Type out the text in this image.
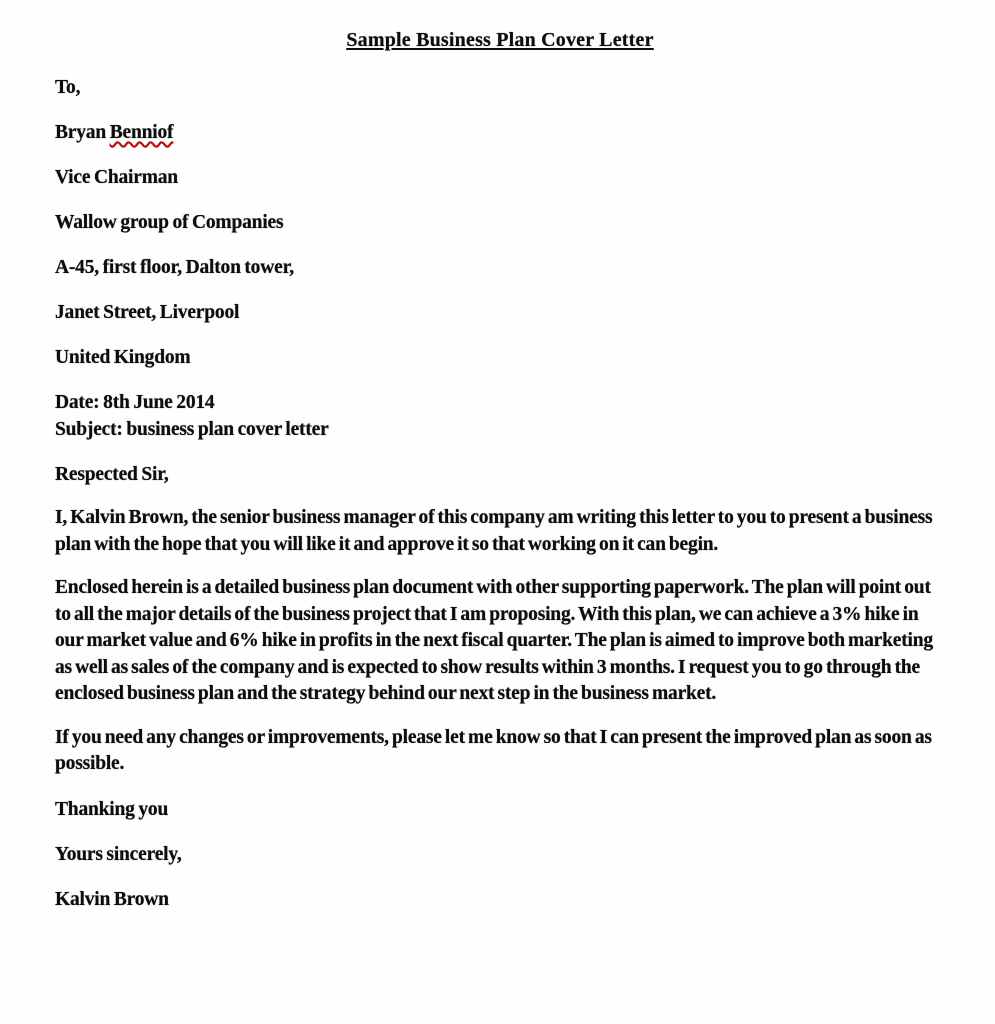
Sample Business Plan Cover Letter
To,
Bryan Benniof
Vice Chairman
Wallow group of Companies
A-45, first floor, Dalton tower,
Janet Street, Liverpool
United Kingdom
Date: 8th June 2014
Subject: business plan cover letter
Respected Sir,
I, Kalvin Brown, the senior business manager of this company am writing this letter to you to present a business plan with the hope that you will like it and approve it so that working on it can begin.
Enclosed herein is a detailed business plan document with other supporting paperwork. The plan will point out to all the major details of the business project that I am proposing. With this plan, we can achieve a 3% hike in our market value and 6% hike in profits in the next fiscal quarter. The plan is aimed to improve both marketing as well as sales of the company and is expected to show results within 3 months. I request you to go through the enclosed business plan and the strategy behind our next step in the business market.
If you need any changes or improvements, please let me know so that I can present the improved plan as soon as possible.
Thanking you
Yours sincerely,
Kalvin Brown
